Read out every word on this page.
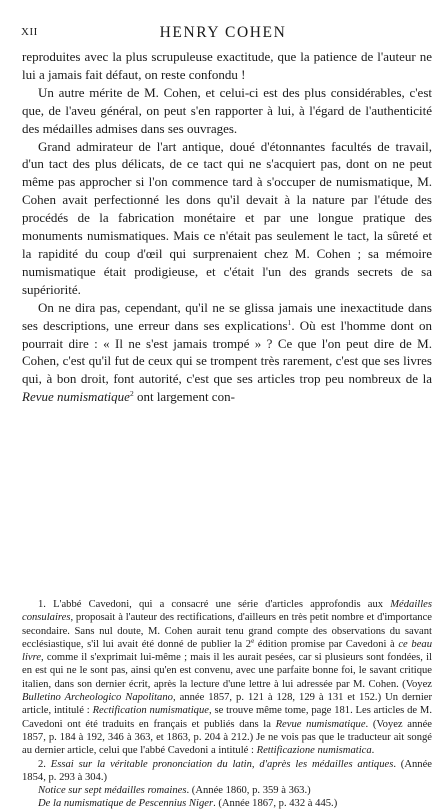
XII	HENRY COHEN

reproduites avec la plus scrupuleuse exactitude, que la patience de l'auteur ne lui a jamais fait défaut, on reste confondu !

Un autre mérite de M. Cohen, et celui-ci est des plus considérables, c'est que, de l'aveu général, on peut s'en rapporter à lui, à l'égard de l'authenticité des médailles admises dans ses ouvrages.

Grand admirateur de l'art antique, doué d'étonnantes facultés de travail, d'un tact des plus délicats, de ce tact qui ne s'acquiert pas, dont on ne peut même pas approcher si l'on commence tard à s'occuper de numismatique, M. Cohen avait perfectionné les dons qu'il devait à la nature par l'étude des procédés de la fabrication monétaire et par une longue pratique des monuments numismatiques. Mais ce n'était pas seulement le tact, la sûreté et la rapidité du coup d'œil qui surprenaient chez M. Cohen ; sa mémoire numismatique était prodigieuse, et c'était l'un des grands secrets de sa supériorité.

On ne dira pas, cependant, qu'il ne se glissa jamais une inexactitude dans ses descriptions, une erreur dans ses explications$^1$. Où est l'homme dont on pourrait dire : « Il ne s'est jamais trompé » ? Ce que l'on peut dire de M. Cohen, c'est qu'il fut de ceux qui se trompent très rarement, c'est que ses livres qui, à bon droit, font autorité, c'est que ses articles trop peu nombreux de la Revue numismatique$^2$ ont largement con-

1. L'abbé Cavedoni, qui a consacré une série d'articles approfondis aux Médailles consulaires, proposait à l'auteur des rectifications, d'ailleurs en très petit nombre et d'importance secondaire. Sans nul doute, M. Cohen aurait tenu grand compte des observations du savant ecclésiastique, s'il lui avait été donné de publier la 2e édition promise par Cavedoni à ce beau livre, comme il s'exprimait lui-même ; mais il les aurait pesées, car si plusieurs sont fondées, il en est qui ne le sont pas, ainsi qu'en est convenu, avec une parfaite bonne foi, le savant critique italien, dans son dernier écrit, après la lecture d'une lettre à lui adressée par M. Cohen. (Voyez Bulletino Archeologico Napolitano, année 1857, p. 121 à 128, 129 à 131 et 152.) Un dernier article, intitulé : Rectification numismatique, se trouve même tome, page 181. Les articles de M. Cavedoni ont été traduits en français et publiés dans la Revue numismatique. (Voyez année 1857, p. 184 à 192, 346 à 363, et 1863, p. 204 à 212.) Je ne vois pas que le traducteur ait songé au dernier article, celui que l'abbé Cavedoni a intitulé : Rettificazione numismatica.

2. Essai sur la véritable prononciation du latin, d'après les médailles antiques. (Année 1854, p. 293 à 304.)

Notice sur sept médailles romaines. (Année 1860, p. 359 à 363.)

De la numismatique de Pescennius Niger. (Année 1867, p. 432 à 445.)
